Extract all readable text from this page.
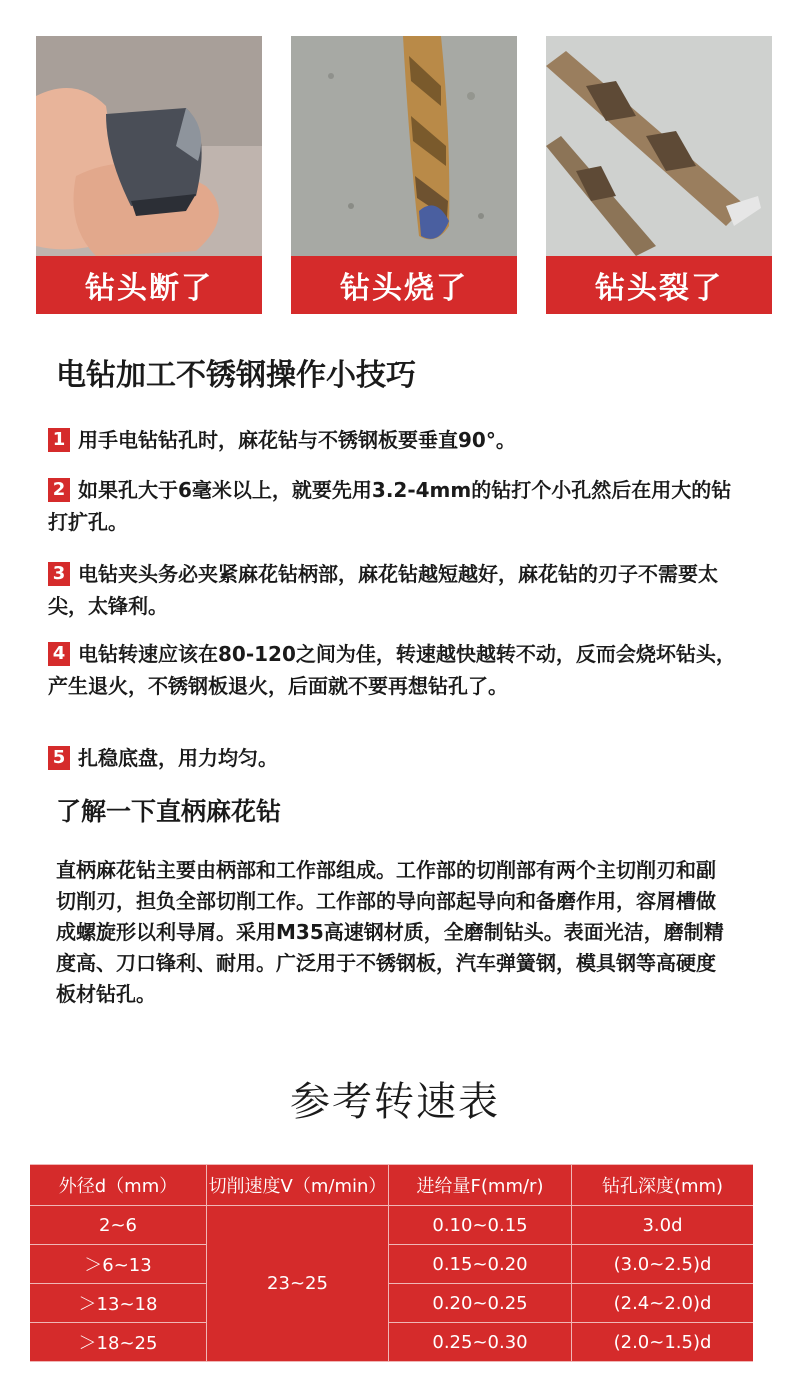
钻头断了	钻头烧了	钻头裂了
电钻加工不锈钢操作小技巧
1 用手电钻钻孔时，麻花钻与不锈钢板要垂直90°。
2 如果孔大于6毫米以上，就要先用3.2-4mm的钻打个小孔然后在用大的钻打扩孔。
3 电钻夹头务必夹紧麻花钻柄部，麻花钻越短越好，麻花钻的刃子不需要太尖，太锋利。
4 电钻转速应该在80-120之间为佳，转速越快越转不动，反而会烧坏钻头，产生退火，不锈钢板退火，后面就不要再想钻孔了。
5 扎稳底盘，用力均匀。
了解一下直柄麻花钻

直柄麻花钻主要由柄部和工作部组成。工作部的切削部有两个主切削刃和副切削刃，担负全部切削工作。工作部的导向部起导向和备磨作用，容屑槽做成螺旋形以利导屑。采用M35高速钢材质，全磨制钻头。表面光洁，磨制精度高、刀口锋利、耐用。广泛用于不锈钢板，汽车弹簧钢，模具钢等高硬度板材钻孔。

参考转速表
外径d（mm）	切削速度V（m/min）	进给量F(mm/r)	钻孔深度(mm)
2~6	23~25	0.10~0.15	3.0d
＞6~13		0.15~0.20	(3.0~2.5)d
＞13~18		0.20~0.25	(2.4~2.0)d
＞18~25		0.25~0.30	(2.0~1.5)d
